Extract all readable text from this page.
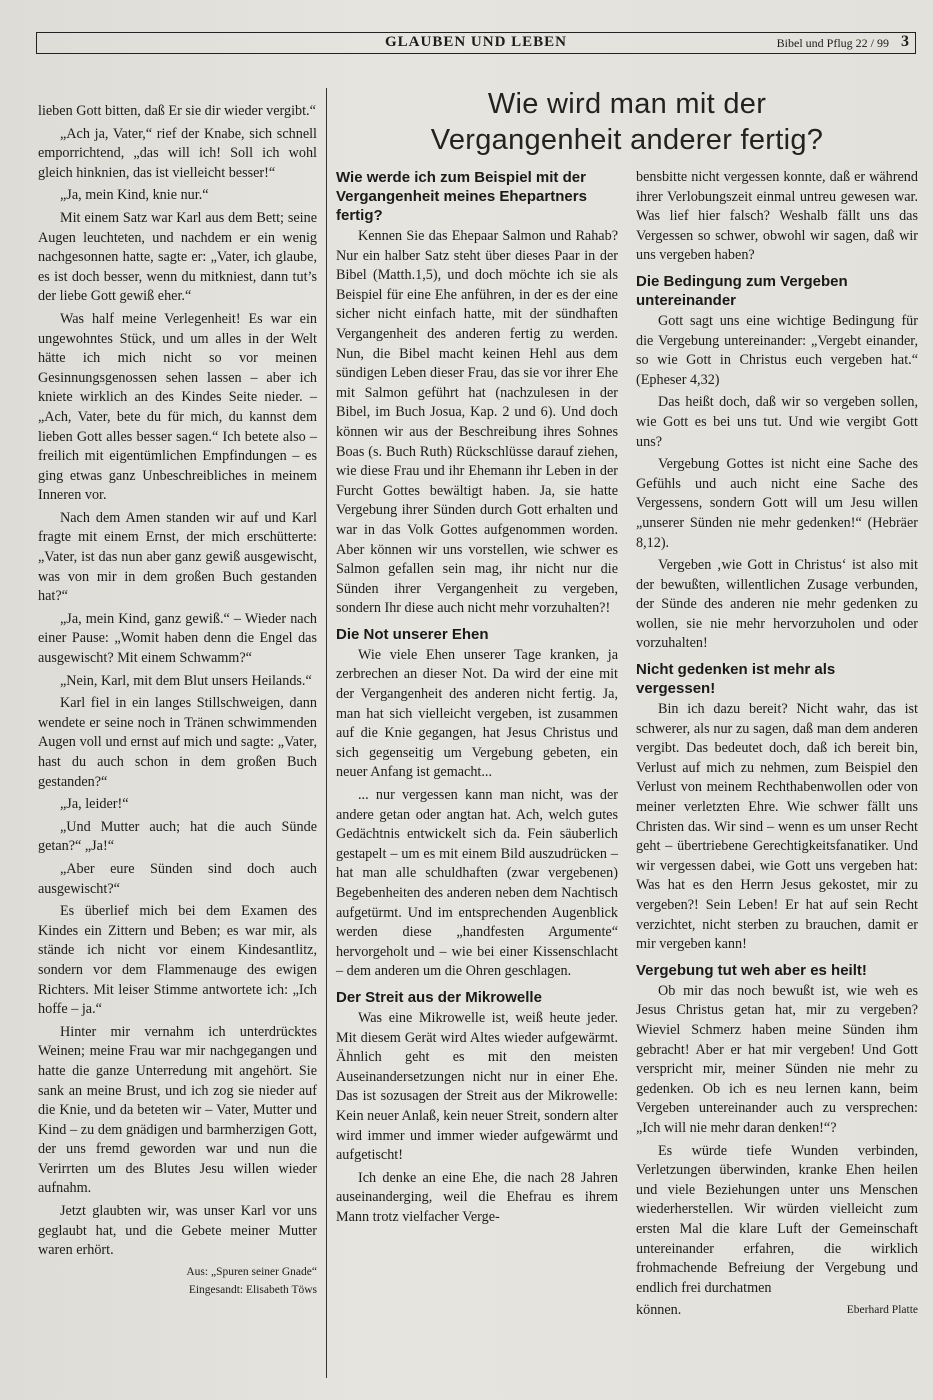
GLAUBEN UND LEBEN	Bibel und Pflug 22 / 99 3

lieben Gott bitten, daß Er sie dir wieder vergibt.“

„Ach ja, Vater,“ rief der Knabe, sich schnell emporrichtend, „das will ich! Soll ich wohl gleich hinknien, das ist vielleicht besser!“

„Ja, mein Kind, knie nur.“

Mit einem Satz war Karl aus dem Bett; seine Augen leuchteten, und nachdem er ein wenig nachgesonnen hatte, sagte er: „Vater, ich glaube, es ist doch besser, wenn du mitkniest, dann tut’s der liebe Gott gewiß eher.“

Was half meine Verlegenheit! Es war ein ungewohntes Stück, und um alles in der Welt hätte ich mich nicht so vor meinen Gesinnungsgenossen sehen lassen – aber ich kniete wirklich an des Kindes Seite nieder. – „Ach, Vater, bete du für mich, du kannst dem lieben Gott alles besser sagen.“ Ich betete also – freilich mit eigentümlichen Empfindungen – es ging etwas ganz Unbeschreibliches in meinem Inneren vor.

Nach dem Amen standen wir auf und Karl fragte mit einem Ernst, der mich erschütterte: „Vater, ist das nun aber ganz gewiß ausgewischt, was von mir in dem großen Buch gestanden hat?“

„Ja, mein Kind, ganz gewiß.“ – Wieder nach einer Pause: „Womit haben denn die Engel das ausgewischt? Mit einem Schwamm?“

„Nein, Karl, mit dem Blut unsers Heilands.“

Karl fiel in ein langes Stillschweigen, dann wendete er seine noch in Tränen schwimmenden Augen voll und ernst auf mich und sagte: „Vater, hast du auch schon in dem großen Buch gestanden?“

„Ja, leider!“

„Und Mutter auch; hat die auch Sünde getan?“ „Ja!“

„Aber eure Sünden sind doch auch ausgewischt?“

Es überlief mich bei dem Examen des Kindes ein Zittern und Beben; es war mir, als stände ich nicht vor einem Kindesantlitz, sondern vor dem Flammenauge des ewigen Richters. Mit leiser Stimme antwortete ich: „Ich hoffe – ja.“

Hinter mir vernahm ich unterdrücktes Weinen; meine Frau war mir nachgegangen und hatte die ganze Unterredung mit angehört. Sie sank an meine Brust, und ich zog sie nieder auf die Knie, und da beteten wir – Vater, Mutter und Kind – zu dem gnädigen und barmherzigen Gott, der uns fremd geworden war und nun die Verirrten um des Blutes Jesu willen wieder aufnahm.

Jetzt glaubten wir, was unser Karl vor uns geglaubt hat, und die Gebete meiner Mutter waren erhört.

Aus: „Spuren seiner Gnade“
Eingesandt: Elisabeth Töws
Wie wird man mit der
Vergangenheit anderer fertig?
Wie werde ich zum Beispiel mit der Vergangenheit meines Ehepartners fertig?

Kennen Sie das Ehepaar Salmon und Rahab? Nur ein halber Satz steht über dieses Paar in der Bibel (Matth.1,5), und doch möchte ich sie als Beispiel für eine Ehe anführen, in der es der eine sicher nicht einfach hatte, mit der sündhaften Vergangenheit des anderen fertig zu werden. Nun, die Bibel macht keinen Hehl aus dem sündigen Leben dieser Frau, das sie vor ihrer Ehe mit Salmon geführt hat (nachzulesen in der Bibel, im Buch Josua, Kap. 2 und 6). Und doch können wir aus der Beschreibung ihres Sohnes Boas (s. Buch Ruth) Rückschlüsse darauf ziehen, wie diese Frau und ihr Ehemann ihr Leben in der Furcht Gottes bewältigt haben. Ja, sie hatte Vergebung ihrer Sünden durch Gott erhalten und war in das Volk Gottes aufgenommen worden. Aber können wir uns vorstellen, wie schwer es Salmon gefallen sein mag, ihr nicht nur die Sünden ihrer Vergangenheit zu vergeben, sondern Ihr diese auch nicht mehr vorzuhalten?!

Die Not unserer Ehen

Wie viele Ehen unserer Tage kranken, ja zerbrechen an dieser Not. Da wird der eine mit der Vergangenheit des anderen nicht fertig. Ja, man hat sich vielleicht vergeben, ist zusammen auf die Knie gegangen, hat Jesus Christus und sich gegenseitig um Vergebung gebeten, ein neuer Anfang ist gemacht...

... nur vergessen kann man nicht, was der andere getan oder angtan hat. Ach, welch gutes Gedächtnis entwickelt sich da. Fein säuberlich gestapelt – um es mit einem Bild auszudrücken – hat man alle schuldhaften (zwar vergebenen) Begebenheiten des anderen neben dem Nachtisch aufgetürmt. Und im entsprechenden Augenblick werden diese „handfesten Argumente“ hervorgeholt und – wie bei einer Kissenschlacht – dem anderen um die Ohren geschlagen.

Der Streit aus der Mikrowelle

Was eine Mikrowelle ist, weiß heute jeder. Mit diesem Gerät wird Altes wieder aufgewärmt. Ähnlich geht es mit den meisten Auseinandersetzungen nicht nur in einer Ehe. Das ist sozusagen der Streit aus der Mikrowelle: Kein neuer Anlaß, kein neuer Streit, sondern alter wird immer und immer wieder aufgewärmt und aufgetischt!

Ich denke an eine Ehe, die nach 28 Jahren auseinanderging, weil die Ehefrau es ihrem Mann trotz vielfacher Verge-

bensbitte nicht vergessen konnte, daß er während ihrer Verlobungszeit einmal untreu gewesen war. Was lief hier falsch? Weshalb fällt uns das Vergessen so schwer, obwohl wir sagen, daß wir uns vergeben haben?

Die Bedingung zum Vergeben untereinander

Gott sagt uns eine wichtige Bedingung für die Vergebung untereinander: „Vergebt einander, so wie Gott in Christus euch vergeben hat.“ (Epheser 4,32)

Das heißt doch, daß wir so vergeben sollen, wie Gott es bei uns tut. Und wie vergibt Gott uns?

Vergebung Gottes ist nicht eine Sache des Gefühls und auch nicht eine Sache des Vergessens, sondern Gott will um Jesu willen „unserer Sünden nie mehr gedenken!“ (Hebräer 8,12).

Vergeben ‚wie Gott in Christus‘ ist also mit der bewußten, willentlichen Zusage verbunden, der Sünde des anderen nie mehr gedenken zu wollen, sie nie mehr hervorzuholen und oder vorzuhalten!

Nicht gedenken ist mehr als vergessen!

Bin ich dazu bereit? Nicht wahr, das ist schwerer, als nur zu sagen, daß man dem anderen vergibt. Das bedeutet doch, daß ich bereit bin, Verlust auf mich zu nehmen, zum Beispiel den Verlust von meinem Rechthabenwollen oder von meiner verletzten Ehre. Wie schwer fällt uns Christen das. Wir sind – wenn es um unser Recht geht – übertriebene Gerechtigkeitsfanatiker. Und wir vergessen dabei, wie Gott uns vergeben hat: Was hat es den Herrn Jesus gekostet, mir zu vergeben?! Sein Leben! Er hat auf sein Recht verzichtet, nicht sterben zu brauchen, damit er mir vergeben kann!

Vergebung tut weh aber es heilt!

Ob mir das noch bewußt ist, wie weh es Jesus Christus getan hat, mir zu vergeben? Wieviel Schmerz haben meine Sünden ihm gebracht! Aber er hat mir vergeben! Und Gott verspricht mir, meiner Sünden nie mehr zu gedenken. Ob ich es neu lernen kann, beim Vergeben untereinander auch zu versprechen: „Ich will nie mehr daran denken!“?

Es würde tiefe Wunden verbinden, Verletzungen überwinden, kranke Ehen heilen und viele Beziehungen unter uns Menschen wiederherstellen. Wir würden vielleicht zum ersten Mal die klare Luft der Gemeinschaft untereinander erfahren, die wirklich frohmachende Befreiung der Vergebung und endlich frei durchatmen

können.	Eberhard Platte
